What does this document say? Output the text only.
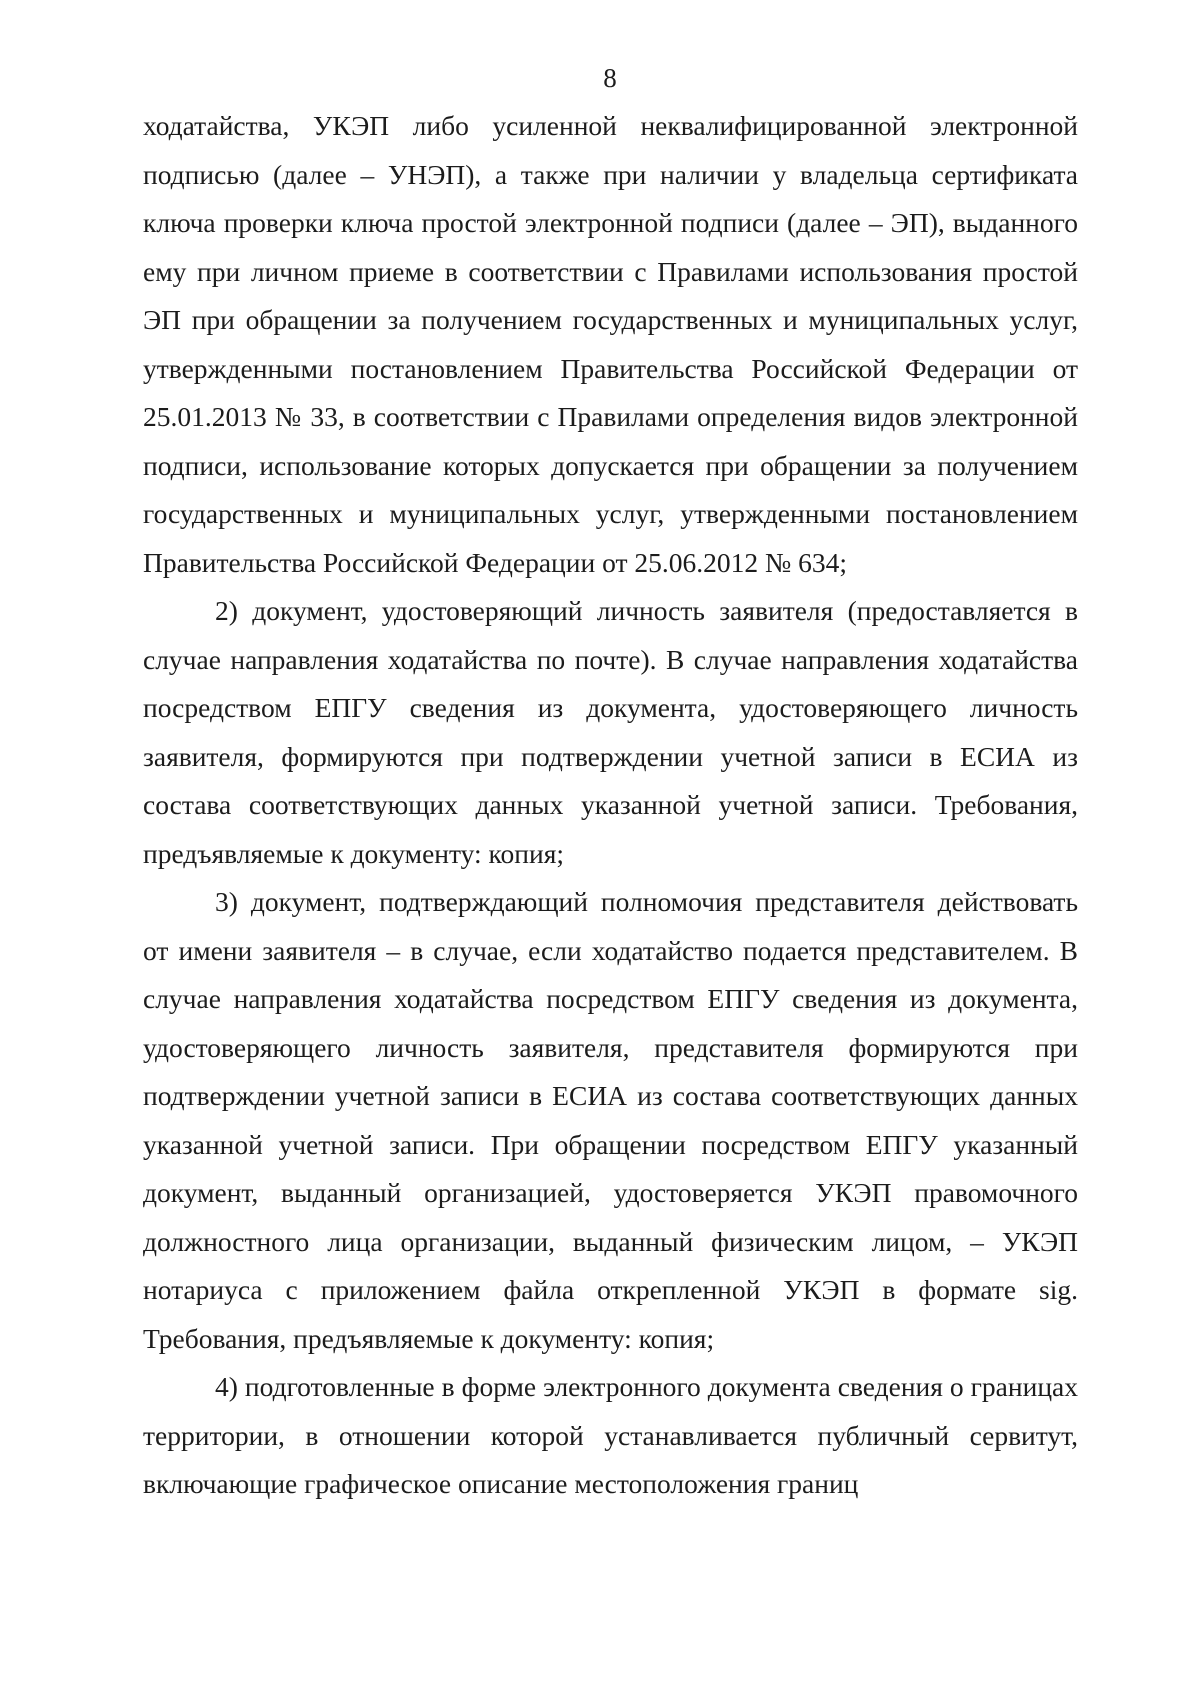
8

ходатайства, УКЭП либо усиленной неквалифицированной электронной подписью (далее – УНЭП), а также при наличии у владельца сертификата ключа проверки ключа простой электронной подписи (далее – ЭП), выданного ему при личном приеме в соответствии с Правилами использования простой ЭП при обращении за получением государственных и муниципальных услуг, утвержденными постановлением Правительства Российской Федерации от 25.01.2013 № 33, в соответствии с Правилами определения видов электронной подписи, использование которых допускается при обращении за получением государственных и муниципальных услуг, утвержденными постановлением Правительства Российской Федерации от 25.06.2012 № 634;

2) документ, удостоверяющий личность заявителя (предоставляется в случае направления ходатайства по почте). В случае направления ходатайства посредством ЕПГУ сведения из документа, удостоверяющего личность заявителя, формируются при подтверждении учетной записи в ЕСИА из состава соответствующих данных указанной учетной записи. Требования, предъявляемые к документу: копия;

3) документ, подтверждающий полномочия представителя действовать от имени заявителя – в случае, если ходатайство подается представителем. В случае направления ходатайства посредством ЕПГУ сведения из документа, удостоверяющего личность заявителя, представителя формируются при подтверждении учетной записи в ЕСИА из состава соответствующих данных указанной учетной записи. При обращении посредством ЕПГУ указанный документ, выданный организацией, удостоверяется УКЭП правомочного должностного лица организации, выданный физическим лицом, – УКЭП нотариуса с приложением файла открепленной УКЭП в формате sig. Требования, предъявляемые к документу: копия;

4) подготовленные в форме электронного документа сведения о границах территории, в отношении которой устанавливается публичный сервитут, включающие графическое описание местоположения границ
